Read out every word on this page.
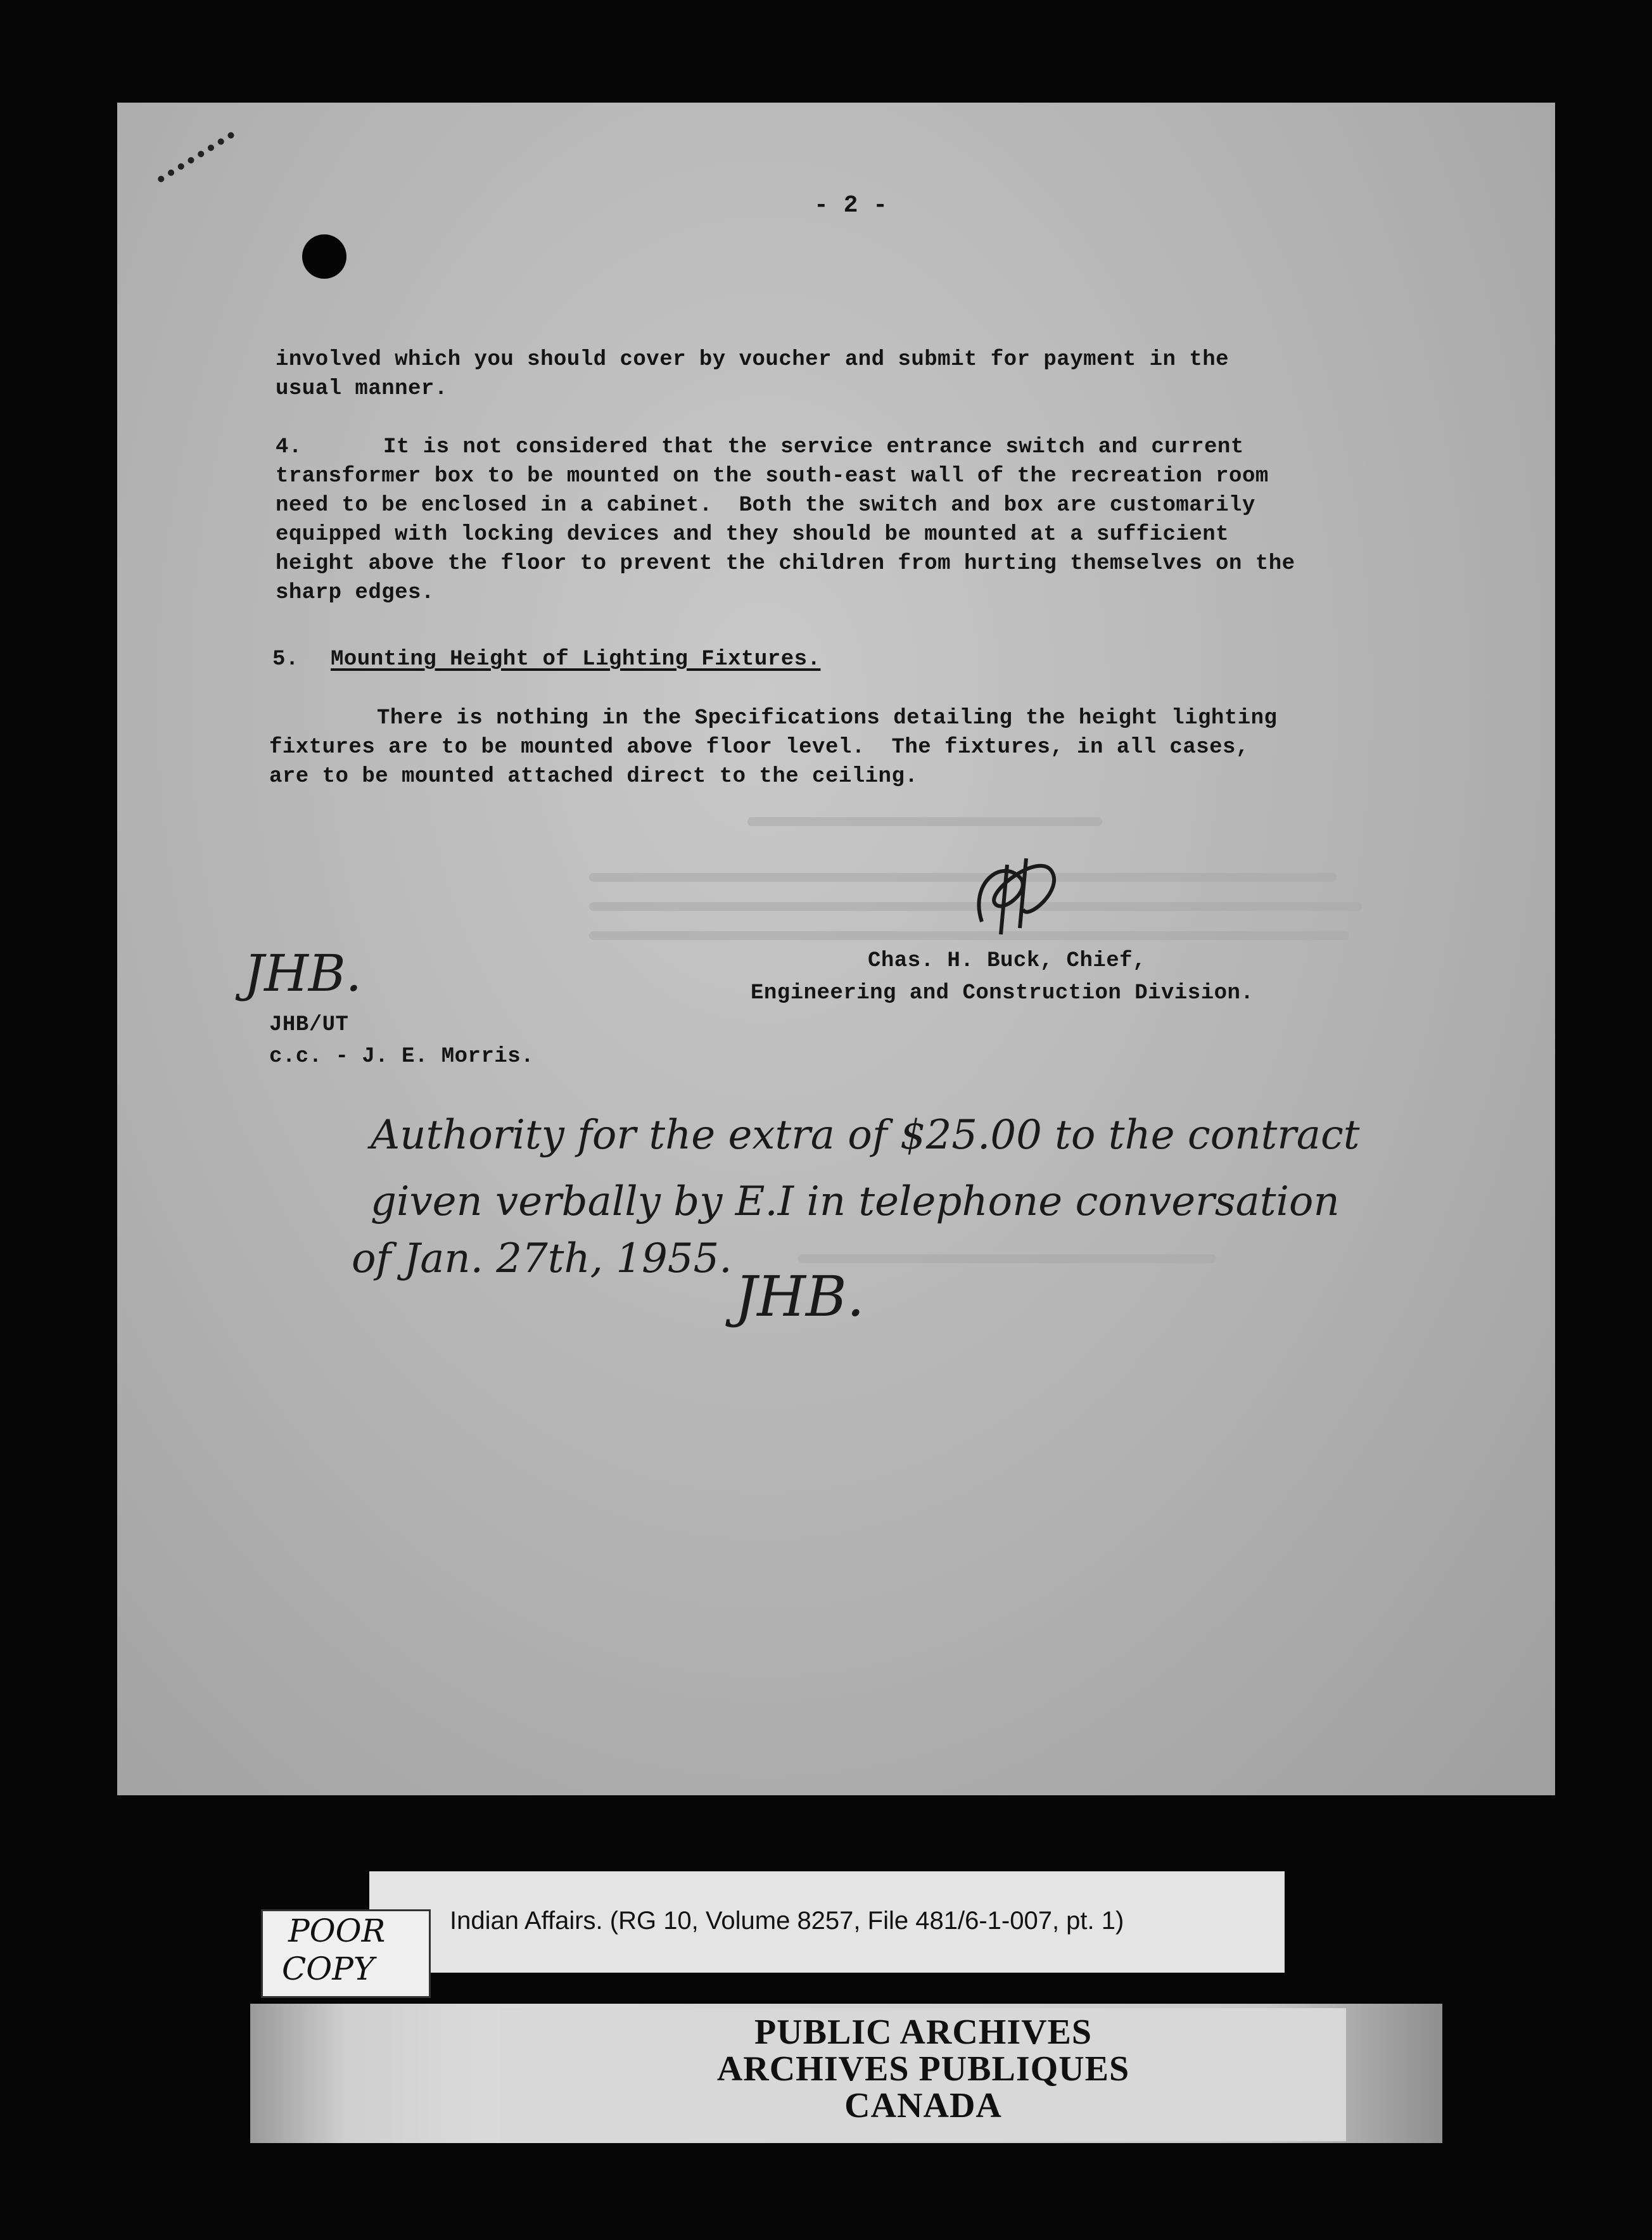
- 2 -
involved which you should cover by voucher and submit for payment in the
usual manner.
4.	It is not considered that the service entrance switch and current
transformer box to be mounted on the south-east wall of the recreation room
need to be enclosed in a cabinet.  Both the switch and box are customarily
equipped with locking devices and they should be mounted at a sufficient
height above the floor to prevent the children from hurting themselves on the
sharp edges.
5. Mounting Height of Lighting Fixtures.
There is nothing in the Specifications detailing the height lighting
fixtures are to be mounted above floor level.  The fixtures, in all cases,
are to be mounted attached direct to the ceiling.
Chas. H. Buck, Chief,
Engineering and Construction Division.
JHB.
JHB/UT
c.c. - J. E. Morris.
Authority for the extra of $25.00 to the contract
given verbally by E.I in telephone conversation
of Jan. 27th, 1955.
JHB.
Indian Affairs. (RG 10, Volume 8257, File 481/6-1-007, pt. 1)
POOR
COPY
PUBLIC ARCHIVES
ARCHIVES PUBLIQUES
CANADA
